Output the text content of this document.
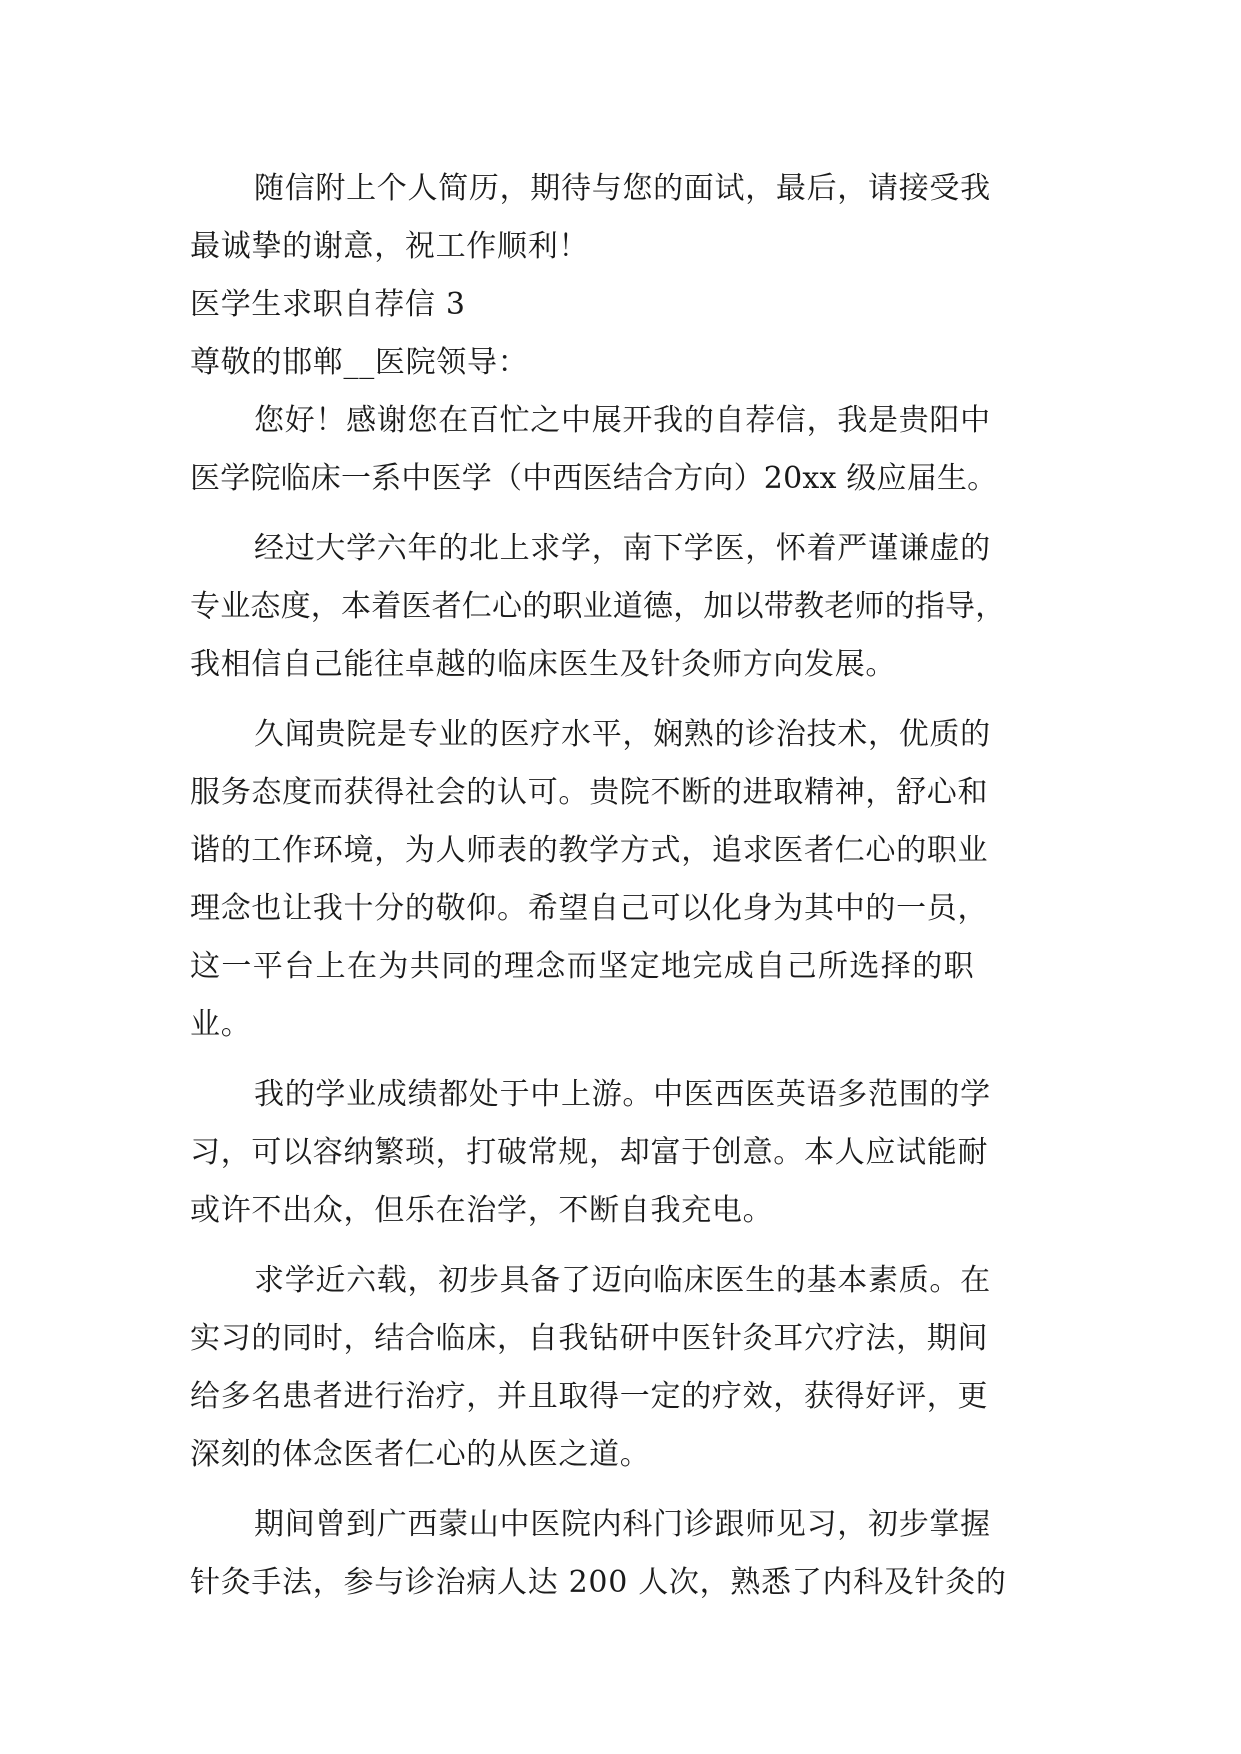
随信附上个人简历，期待与您的面试，最后，请接受我
最诚挚的谢意，祝工作顺利！
医学生求职自荐信 3
尊敬的邯郸__医院领导：
您好！感谢您在百忙之中展开我的自荐信，我是贵阳中
医学院临床一系中医学（中西医结合方向）20xx 级应届生。
经过大学六年的北上求学，南下学医，怀着严谨谦虚的
专业态度，本着医者仁心的职业道德，加以带教老师的指导，
我相信自己能往卓越的临床医生及针灸师方向发展。
久闻贵院是专业的医疗水平，娴熟的诊治技术，优质的
服务态度而获得社会的认可。贵院不断的进取精神，舒心和
谐的工作环境，为人师表的教学方式，追求医者仁心的职业
理念也让我十分的敬仰。希望自己可以化身为其中的一员，
这一平台上在为共同的理念而坚定地完成自己所选择的职
业。
我的学业成绩都处于中上游。中医西医英语多范围的学
习，可以容纳繁琐，打破常规，却富于创意。本人应试能耐
或许不出众，但乐在治学，不断自我充电。
求学近六载，初步具备了迈向临床医生的基本素质。在
实习的同时，结合临床，自我钻研中医针灸耳穴疗法，期间
给多名患者进行治疗，并且取得一定的疗效，获得好评，更
深刻的体念医者仁心的从医之道。
期间曾到广西蒙山中医院内科门诊跟师见习，初步掌握
针灸手法，参与诊治病人达 200 人次，熟悉了内科及针灸的
